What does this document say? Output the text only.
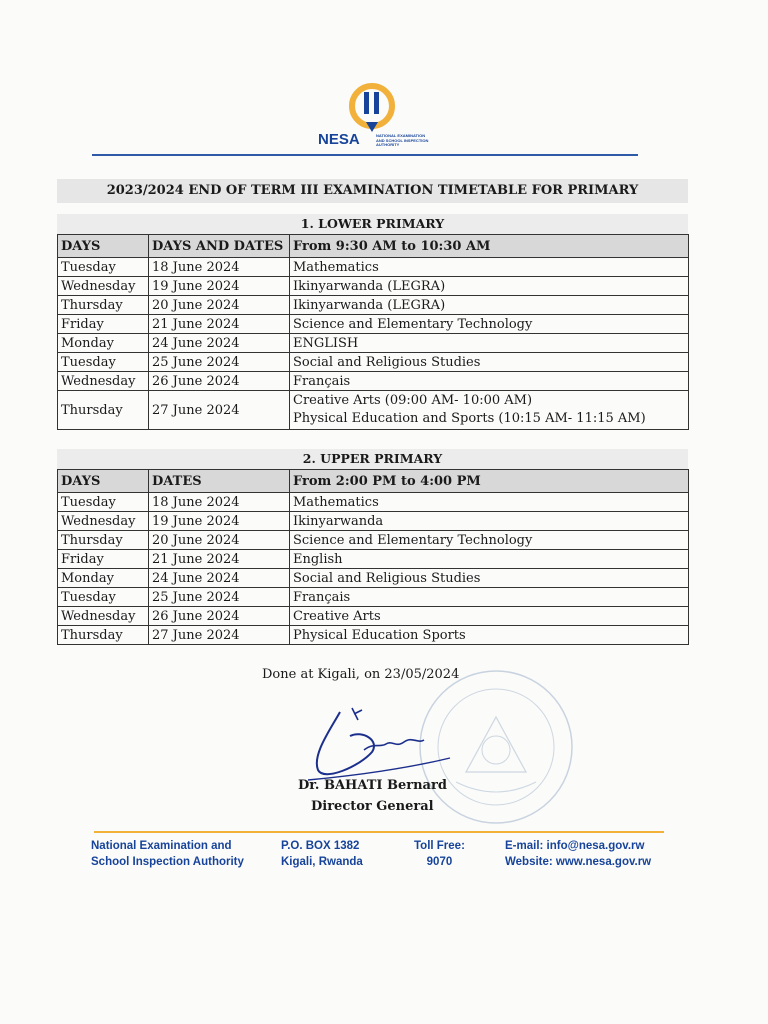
NESA	NATIONAL EXAMINATION
AND SCHOOL INSPECTION
AUTHORITY
2023/2024 END OF TERM III EXAMINATION TIMETABLE FOR PRIMARY
1. LOWER PRIMARY
DAYS	DAYS AND DATES	From 9:30 AM to 10:30 AM
Tuesday	18 June 2024	Mathematics
Wednesday	19 June 2024	Ikinyarwanda (LEGRA)
Thursday	20 June 2024	Ikinyarwanda (LEGRA)
Friday	21 June 2024	Science and Elementary Technology
Monday	24 June 2024	ENGLISH
Tuesday	25 June 2024	Social and Religious Studies
Wednesday	26 June 2024	Français
Thursday	27 June 2024	Creative Arts (09:00 AM- 10:00 AM)
Physical Education and Sports (10:15 AM- 11:15 AM)
2. UPPER PRIMARY
DAYS	DATES	From 2:00 PM to 4:00 PM
Tuesday	18 June 2024	Mathematics
Wednesday	19 June 2024	Ikinyarwanda
Thursday	20 June 2024	Science and Elementary Technology
Friday	21 June 2024	English
Monday	24 June 2024	Social and Religious Studies
Tuesday	25 June 2024	Français
Wednesday	26 June 2024	Creative Arts
Thursday	27 June 2024	Physical Education Sports
Done at Kigali, on 23/05/2024
Dr. BAHATI Bernard
Director General
National Examination and
School Inspection Authority
P.O. BOX 1382
Kigali, Rwanda
Toll Free:
9070
E-mail: info@nesa.gov.rw
Website: www.nesa.gov.rw
